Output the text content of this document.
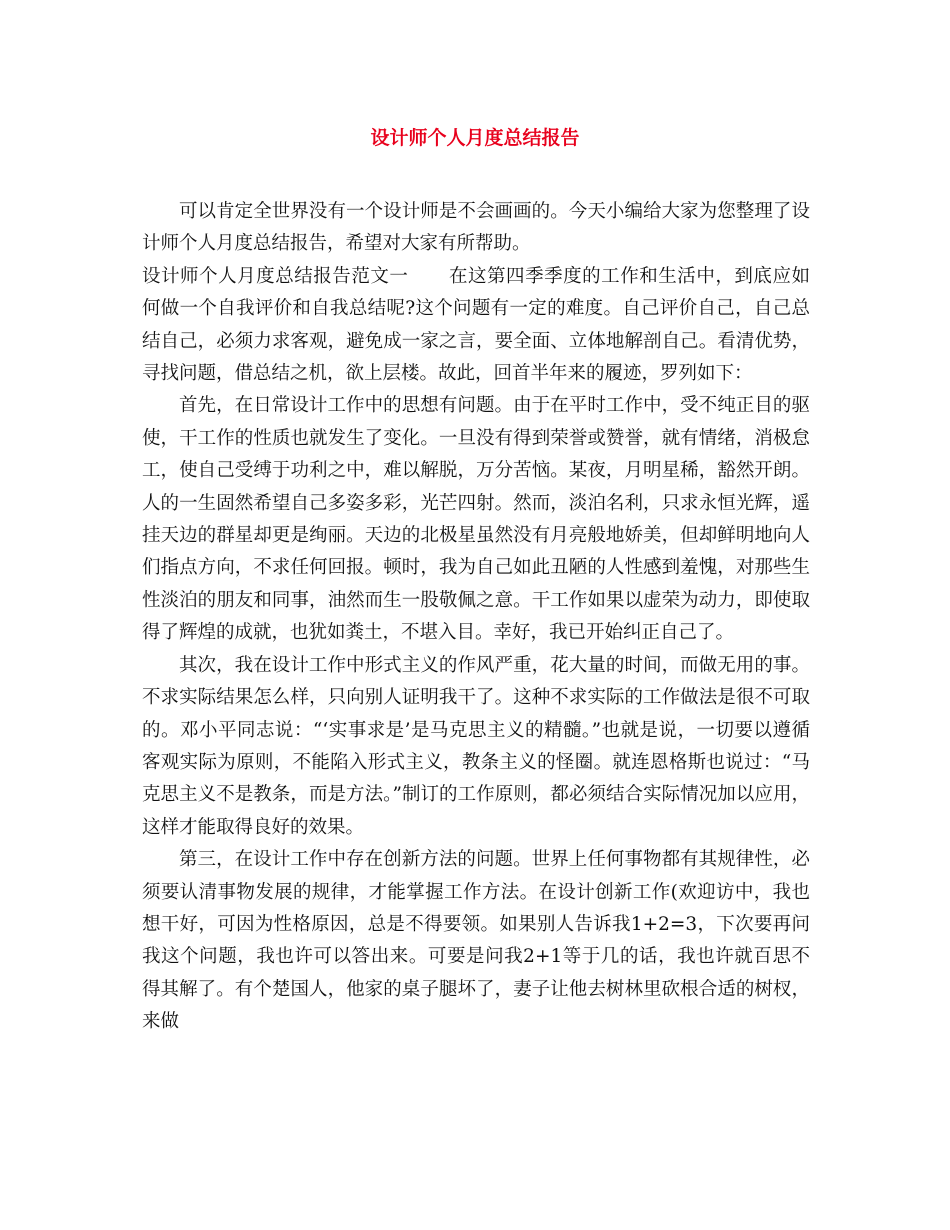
设计师个人月度总结报告

可以肯定全世界没有一个设计师是不会画画的。今天小编给大家为您整理了设计师个人月度总结报告，希望对大家有所帮助。

设计师个人月度总结报告范文一 在这第四季季度的工作和生活中，到底应如何做一个自我评价和自我总结呢?这个问题有一定的难度。自己评价自己，自己总结自己，必须力求客观，避免成一家之言，要全面、立体地解剖自己。看清优势，寻找问题，借总结之机，欲上层楼。故此，回首半年来的履迹，罗列如下：

首先，在日常设计工作中的思想有问题。由于在平时工作中，受不纯正目的驱使，干工作的性质也就发生了变化。一旦没有得到荣誉或赞誉，就有情绪，消极怠工，使自己受缚于功利之中，难以解脱，万分苦恼。某夜，月明星稀，豁然开朗。人的一生固然希望自己多姿多彩，光芒四射。然而，淡泊名利，只求永恒光辉，遥挂天边的群星却更是绚丽。天边的北极星虽然没有月亮般地娇美，但却鲜明地向人们指点方向，不求任何回报。顿时，我为自己如此丑陋的人性感到羞愧，对那些生性淡泊的朋友和同事，油然而生一股敬佩之意。干工作如果以虚荣为动力，即使取得了辉煌的成就，也犹如粪土，不堪入目。幸好，我已开始纠正自己了。

其次，我在设计工作中形式主义的作风严重，花大量的时间，而做无用的事。不求实际结果怎么样，只向别人证明我干了。这种不求实际的工作做法是很不可取的。邓小平同志说：“‘实事求是’是马克思主义的精髓。”也就是说，一切要以遵循客观实际为原则，不能陷入形式主义，教条主义的怪圈。就连恩格斯也说过：“马克思主义不是教条，而是方法。”制订的工作原则，都必须结合实际情况加以应用，这样才能取得良好的效果。

第三，在设计工作中存在创新方法的问题。世界上任何事物都有其规律性，必须要认清事物发展的规律，才能掌握工作方法。在设计创新工作(欢迎访中，我也想干好，可因为性格原因，总是不得要领。如果别人告诉我1+2=3，下次要再问我这个问题，我也许可以答出来。可要是问我2+1等于几的话，我也许就百思不得其解了。有个楚国人，他家的桌子腿坏了，妻子让他去树林里砍根合适的树杈，来做
